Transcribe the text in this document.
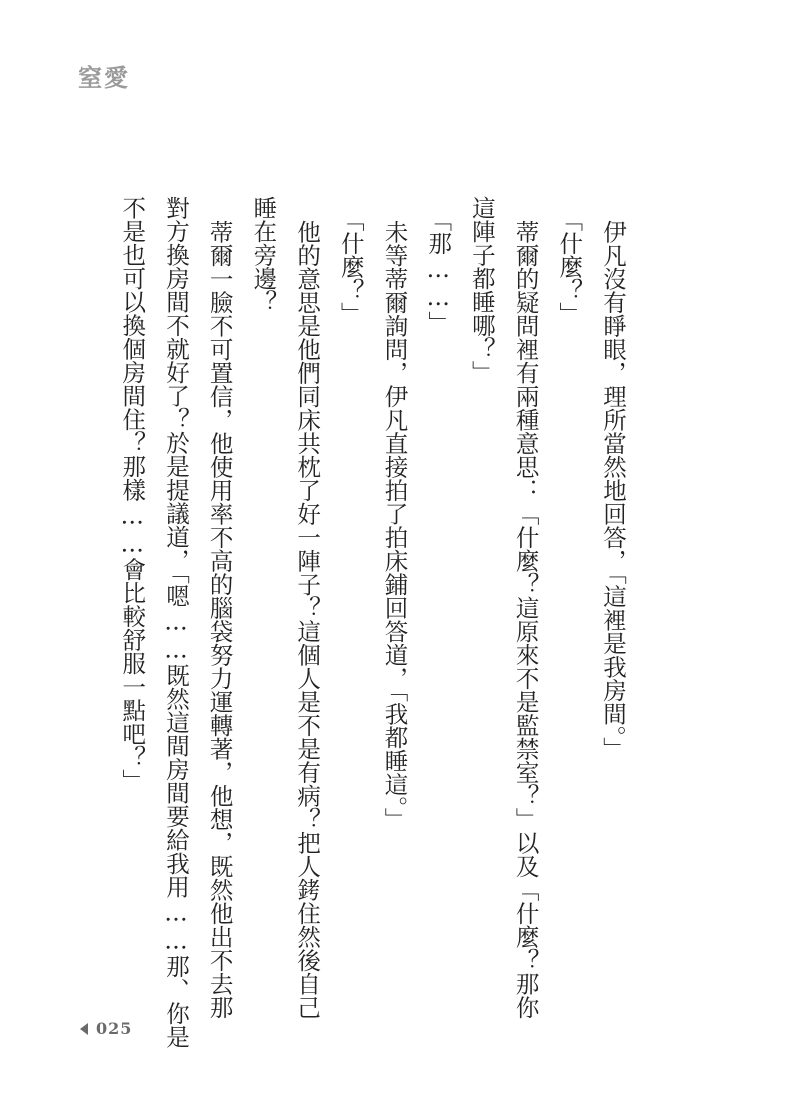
窒愛

伊凡沒有睜眼，理所當然地回答，「這裡是我房間。」

「什麼？」

蒂爾的疑問裡有兩種意思：「什麼？這原來不是監禁室？」以及「什麼？那你

這陣子都睡哪？」

「那……」

未等蒂爾詢問，伊凡直接拍了拍床鋪回答道，「我都睡這。」

「什麼？」

他的意思是他們同床共枕了好一陣子？這個人是不是有病？把人銬住然後自己

睡在旁邊？

蒂爾一臉不可置信，他使用率不高的腦袋努力運轉著，他想，既然他出不去那

對方換房間不就好了？於是提議道，「嗯……既然這間房間要給我用……那、你是

不是也可以換個房間住？那樣……會比較舒服一點吧？」

025
